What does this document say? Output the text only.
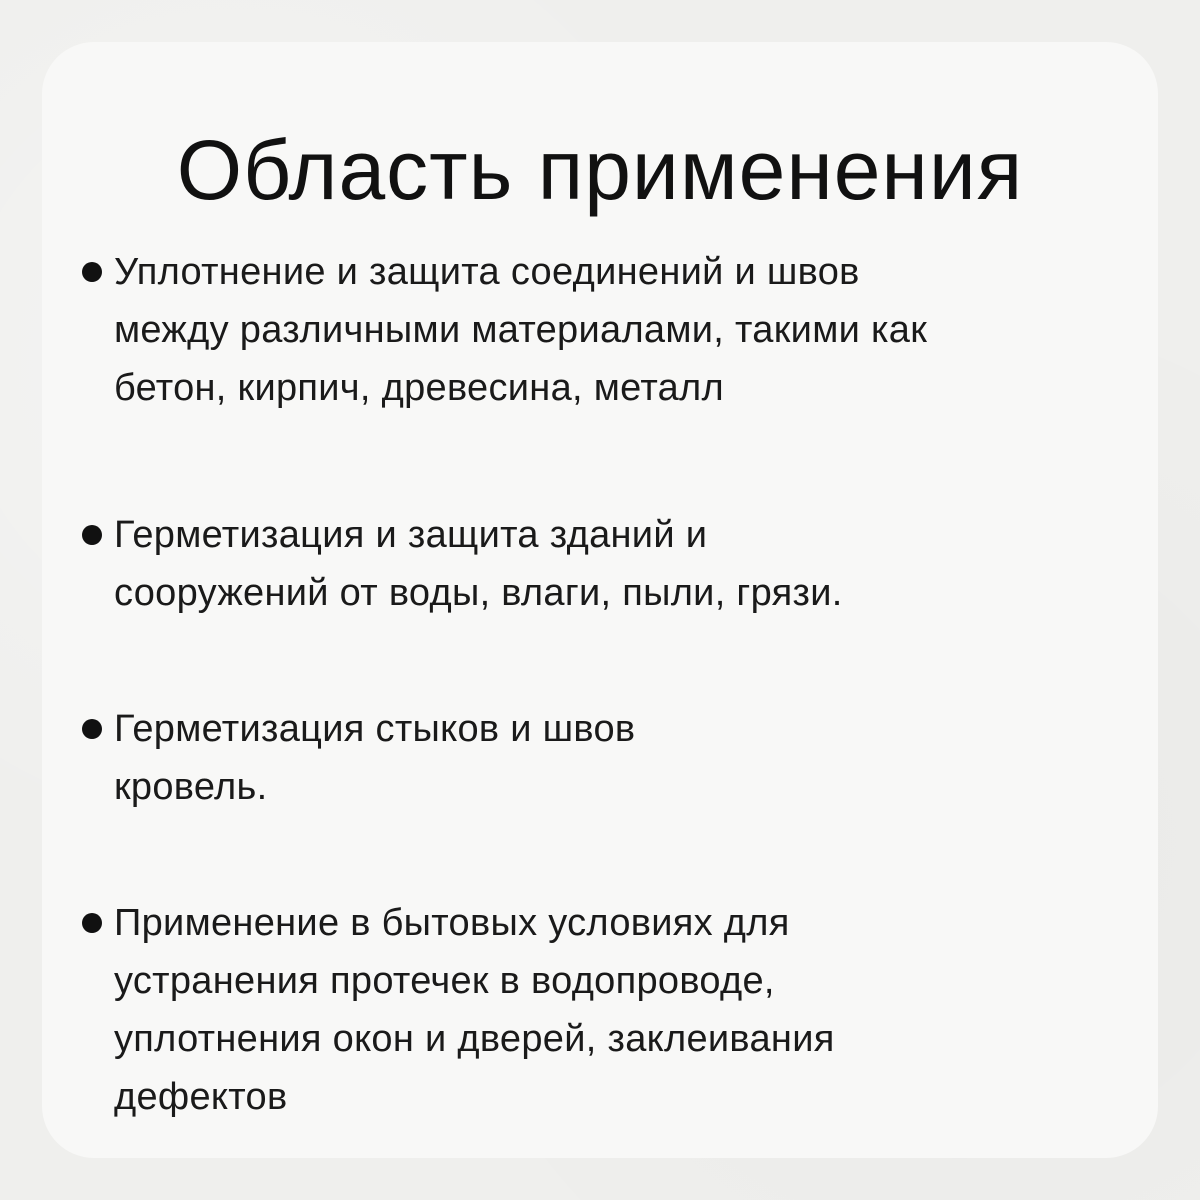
Область применения
Уплотнение и защита соединений и швов
между различными материалами, такими как
бетон, кирпич, древесина, металл
Герметизация и защита зданий и
сооружений от воды, влаги, пыли, грязи.
Герметизация стыков и швов
кровель.
Применение в бытовых условиях для
устранения протечек в водопроводе,
уплотнения окон и дверей, заклеивания
дефектов
